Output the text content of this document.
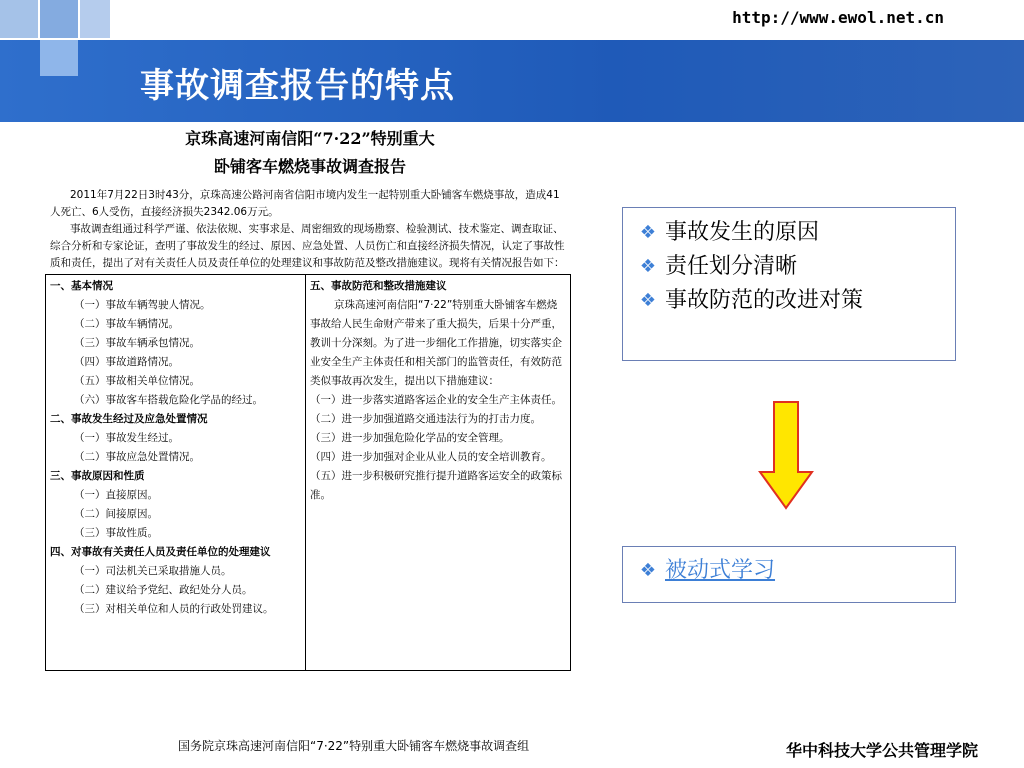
http://www.ewol.net.cn
事故调查报告的特点
京珠高速河南信阳“7·22”特别重大
卧铺客车燃烧事故调查报告

2011年7月22日3时43分，京珠高速公路河南省信阳市境内发生一起特别重大卧铺客车燃烧事故，造成41人死亡、6人受伤，直接经济损失2342.06万元。

事故调查组通过科学严谨、依法依规、实事求是、周密细致的现场勘察、检验测试、技术鉴定、调查取证、综合分析和专家论证，查明了事故发生的经过、原因、应急处置、人员伤亡和直接经济损失情况，认定了事故性质和责任，提出了对有关责任人员及责任单位的处理建议和事故防范及整改措施建议。现将有关情况报告如下：

一、基本情况
（一）事故车辆驾驶人情况。
（二）事故车辆情况。
（三）事故车辆承包情况。
（四）事故道路情况。
（五）事故相关单位情况。
（六）事故客车搭载危险化学品的经过。
二、事故发生经过及应急处置情况
（一）事故发生经过。
（二）事故应急处置情况。
三、事故原因和性质
（一）直接原因。
（二）间接原因。
（三）事故性质。
四、对事故有关责任人员及责任单位的处理建议
（一）司法机关已采取措施人员。
（二）建议给予党纪、政纪处分人员。
（三）对相关单位和人员的行政处罚建议。
五、事故防范和整改措施建议
京珠高速河南信阳“7·22”特别重大卧铺客车燃烧事故给人民生命财产带来了重大损失，后果十分严重，教训十分深刻。为了进一步细化工作措施，切实落实企业安全生产主体责任和相关部门的监管责任，有效防范类似事故再次发生，提出以下措施建议：
（一）进一步落实道路客运企业的安全生产主体责任。
（二）进一步加强道路交通违法行为的打击力度。
（三）进一步加强危险化学品的安全管理。
（四）进一步加强对企业从业人员的安全培训教育。
（五）进一步积极研究推行提升道路客运安全的政策标准。
国务院京珠高速河南信阳“7·22”特别重大卧铺客车燃烧事故调查组
❖ 事故发生的原因
❖ 责任划分清晰
❖ 事故防范的改进对策
❖ 被动式学习
华中科技大学公共管理学院
